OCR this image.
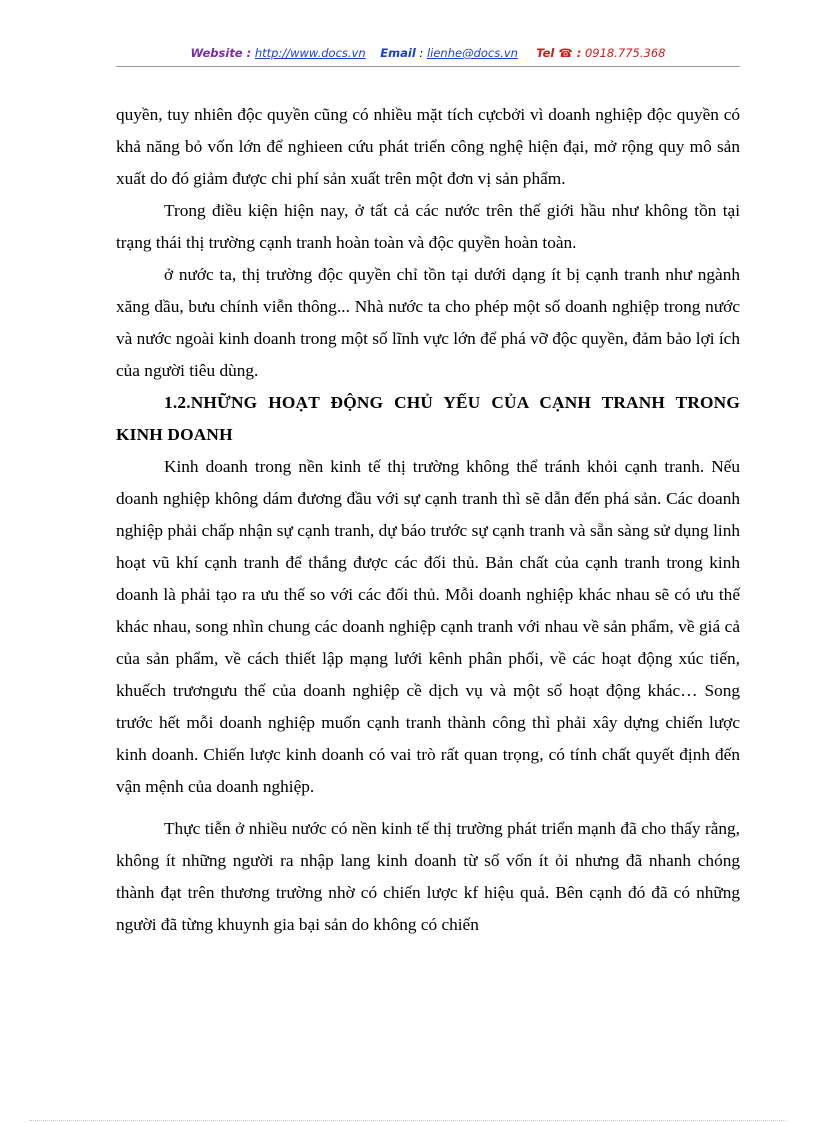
Website : http://www.docs.vn Email : lienhe@docs.vn Tel ☎ : 0918.775.368

quyền, tuy nhiên độc quyền cũng có nhiều mặt tích cựcbởi vì doanh nghiệp độc quyền có khả năng bỏ vốn lớn để nghieen cứu phát triển công nghệ hiện đại, mở rộng quy mô sản xuất do đó giảm được chi phí sản xuất trên một đơn vị sản phẩm.

Trong điều kiện hiện nay, ở tất cả các nước trên thế giới hầu như không tồn tại trạng thái thị trường cạnh tranh hoàn toàn và độc quyền hoàn toàn.

ở nước ta, thị trường độc quyền chỉ tồn tại dưới dạng ít bị cạnh tranh như ngành xăng dầu, bưu chính viễn thông... Nhà nước ta cho phép một số doanh nghiệp trong nước và nước ngoài kinh doanh trong một số lĩnh vực lớn để phá vỡ độc quyền, đảm bảo lợi ích của người tiêu dùng.

1.2.NHỮNG HOẠT ĐỘNG CHỦ YẾU CỦA CẠNH TRANH TRONG KINH DOANH

Kinh doanh trong nền kinh tế thị trường không thể tránh khỏi cạnh tranh. Nếu doanh nghiệp không dám đương đầu với sự cạnh tranh thì sẽ dẫn đến phá sản. Các doanh nghiệp phải chấp nhận sự cạnh tranh, dự báo trước sự cạnh tranh và sẵn sàng sử dụng linh hoạt vũ khí cạnh tranh để thắng được các đối thủ. Bản chất của cạnh tranh trong kinh doanh là phải tạo ra ưu thế so với các đối thủ. Mỗi doanh nghiệp khác nhau sẽ có ưu thế khác nhau, song nhìn chung các doanh nghiệp cạnh tranh với nhau về sản phẩm, về giá cả của sản phẩm, về cách thiết lập mạng lưới kênh phân phối, về các hoạt động xúc tiến, khuếch trươngưu thế của doanh nghiệp cề dịch vụ và một số hoạt động khác… Song trước hết mỗi doanh nghiệp muốn cạnh tranh thành công thì phải xây dựng chiến lược kinh doanh. Chiến lược kinh doanh có vai trò rất quan trọng, có tính chất quyết định đến vận mệnh của doanh nghiệp.

Thực tiễn ở nhiều nước có nền kinh tế thị trường phát triển mạnh đã cho thấy rằng, không ít những người ra nhập lang kinh doanh từ số vốn ít ỏi nhưng đã nhanh chóng thành đạt trên thương trường nhờ có chiến lược kf hiệu quả. Bên cạnh đó đã có những người đã từng khuynh gia bại sản do không có chiến
